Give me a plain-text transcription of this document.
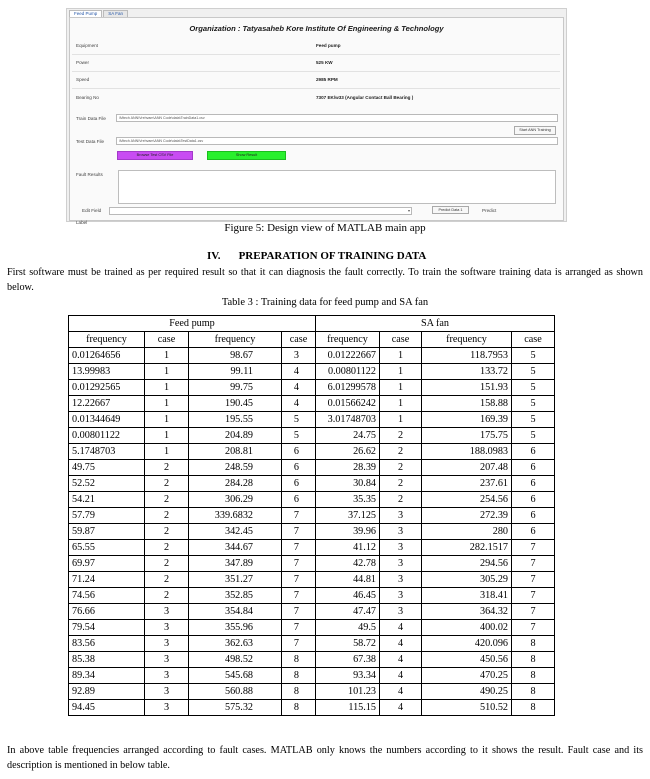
Feed Pump	SA Fan
Organization : Tatyasaheb Kore Institute Of Engineering & Technology
Equipment	Feed pump
Power	525 KW
Speed	2985 RPM
Bearing No	7307 EK/w33 (Angular Contact Ball Bearing )
Train Data File	\Mtech ANN\Vrehvam\ANN Code\data\TrainData1.csv
Start ANN Training
Test Data File	\Mtech ANN\Vrehvam\ANN Code\data\TestData1.csv
Browse Test CSV File	Show Result
Fault Results
Edit Field	▾	Predict Data 1	Predict
Label	Figure 5: Design view of MATLAB main app
IV. PREPARATION OF TRAINING DATA
First software must be trained as per required result so that it can diagnosis the fault correctly. To train the software training data is arranged as shown below.
Table 3 : Training data for feed pump and SA fan
Feed pump				SA fan			
frequency	case	frequency	case	frequency	case	frequency	case
0.01264656	1	98.67	3	0.01222667	1	118.7953	5
13.99983	1	99.11	4	0.00801122	1	133.72	5
0.01292565	1	99.75	4	6.01299578	1	151.93	5
12.22667	1	190.45	4	0.01566242	1	158.88	5
0.01344649	1	195.55	5	3.01748703	1	169.39	5
0.00801122	1	204.89	5	24.75	2	175.75	5
5.1748703	1	208.81	6	26.62	2	188.0983	6
49.75	2	248.59	6	28.39	2	207.48	6
52.52	2	284.28	6	30.84	2	237.61	6
54.21	2	306.29	6	35.35	2	254.56	6
57.79	2	339.6832	7	37.125	3	272.39	6
59.87	2	342.45	7	39.96	3	280	6
65.55	2	344.67	7	41.12	3	282.1517	7
69.97	2	347.89	7	42.78	3	294.56	7
71.24	2	351.27	7	44.81	3	305.29	7
74.56	2	352.85	7	46.45	3	318.41	7
76.66	3	354.84	7	47.47	3	364.32	7
79.54	3	355.96	7	49.5	4	400.02	7
83.56	3	362.63	7	58.72	4	420.096	8
85.38	3	498.52	8	67.38	4	450.56	8
89.34	3	545.68	8	93.34	4	470.25	8
92.89	3	560.88	8	101.23	4	490.25	8
94.45	3	575.32	8	115.15	4	510.52	8
In above table frequencies arranged according to fault cases. MATLAB only knows the numbers according to it shows the result. Fault case and its description is mentioned in below table.
